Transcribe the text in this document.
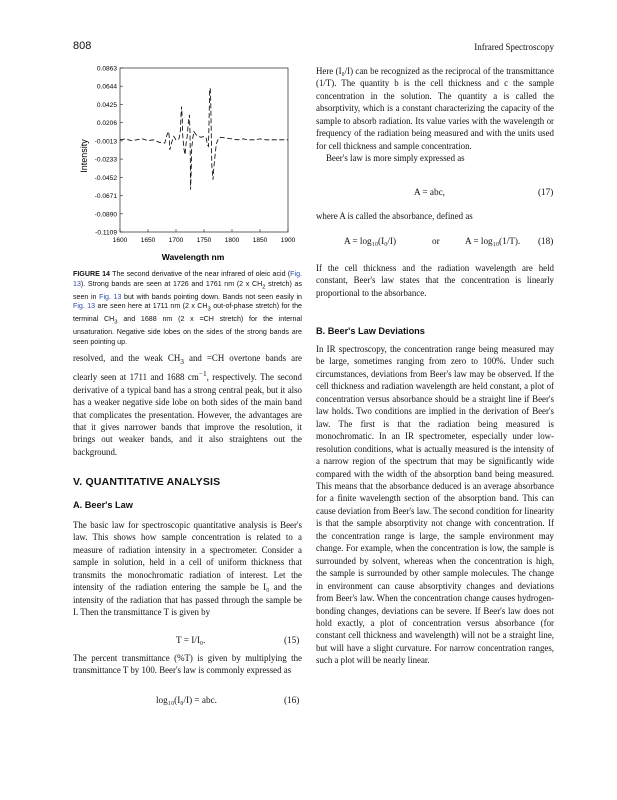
808	Infrared Spectroscopy
0.0863
0.0644
0.0425
0.0206
-0.0013
-0.0233
-0.0452
-0.0671
-0.0890
-0.1109
1600 1650 1700 1750 1800 1850 1900
Intensity
Wavelength nm
FIGURE 14 The second derivative of the near infrared of oleic acid (Fig. 13). Strong bands are seen at 1726 and 1761 nm (2 x $CH_2$ stretch) as seen in Fig. 13 but with bands pointing down. Bands not seen easily in Fig. 13 are seen here at 1711 nm (2 x $CH_3$ out-of-phase stretch) for the terminal $CH_3$ and 1688 nm (2 x =CH stretch) for the internal unsaturation. Negative side lobes on the sides of the strong bands are seen pointing up.

resolved, and the weak $CH_3$ and =CH overtone bands are clearly seen at 1711 and 1688 $cm^{-1}$, respectively. The second derivative of a typical band has a strong central peak, but it also has a weaker negative side lobe on both sides of the main band that complicates the presentation. However, the advantages are that it gives narrower bands that improve the resolution, it brings out weaker bands, and it also straightens out the background.

V. QUANTITATIVE ANALYSIS
A. Beer's Law

The basic law for spectroscopic quantitative analysis is Beer's law. This shows how sample concentration is related to a measure of radiation intensity in a spectrometer. Consider a sample in solution, held in a cell of uniform thickness that transmits the monochromatic radiation of interest. Let the intensity of the radiation entering the sample be I₀ and the intensity of the radiation that has passed through the sample be I. Then the transmittance T is given by

T = I/I₀.	(15)

The percent transmittance (%T) is given by multiplying the transmittance T by 100. Beer's law is commonly expressed as

log₁₀(I₀/I) = abc.	(16)

Here (I₀/I) can be recognized as the reciprocal of the transmittance (1/T). The quantity b is the cell thickness and c the sample concentration in the solution. The quantity a is called the absorptivity, which is a constant characterizing the capacity of the sample to absorb radiation. Its value varies with the wavelength or frequency of the radiation being measured and with the units used for cell thickness and sample concentration.

Beer's law is more simply expressed as

A = abc,	(17)

where A is called the absorbance, defined as

A = log₁₀(I₀/I)	or	A = log₁₀(1/T). (18)

If the cell thickness and the radiation wavelength are held constant, Beer's law states that the concentration is linearly proportional to the absorbance.

B. Beer's Law Deviations

In IR spectroscopy, the concentration range being measured may be large, sometimes ranging from zero to 100%. Under such circumstances, deviations from Beer's law may be observed. If the cell thickness and radiation wavelength are held constant, a plot of concentration versus absorbance should be a straight line if Beer's law holds. Two conditions are implied in the derivation of Beer's law. The first is that the radiation being measured is monochromatic. In an IR spectrometer, especially under low-resolution conditions, what is actually measured is the intensity of a narrow region of the spectrum that may be significantly wide compared with the width of the absorption band being measured. This means that the absorbance deduced is an average absorbance for a finite wavelength section of the absorption band. This can cause deviation from Beer's law. The second condition for linearity is that the sample absorptivity not change with concentration. If the concentration range is large, the sample environment may change. For example, when the concentration is low, the sample is surrounded by solvent, whereas when the concentration is high, the sample is surrounded by other sample molecules. The change in environment can cause absorptivity changes and deviations from Beer's law. When the concentration change causes hydrogen-bonding changes, deviations can be severe. If Beer's law does not hold exactly, a plot of concentration versus absorbance (for constant cell thickness and wavelength) will not be a straight line, but will have a slight curvature. For narrow concentration ranges, such a plot will be nearly linear.
